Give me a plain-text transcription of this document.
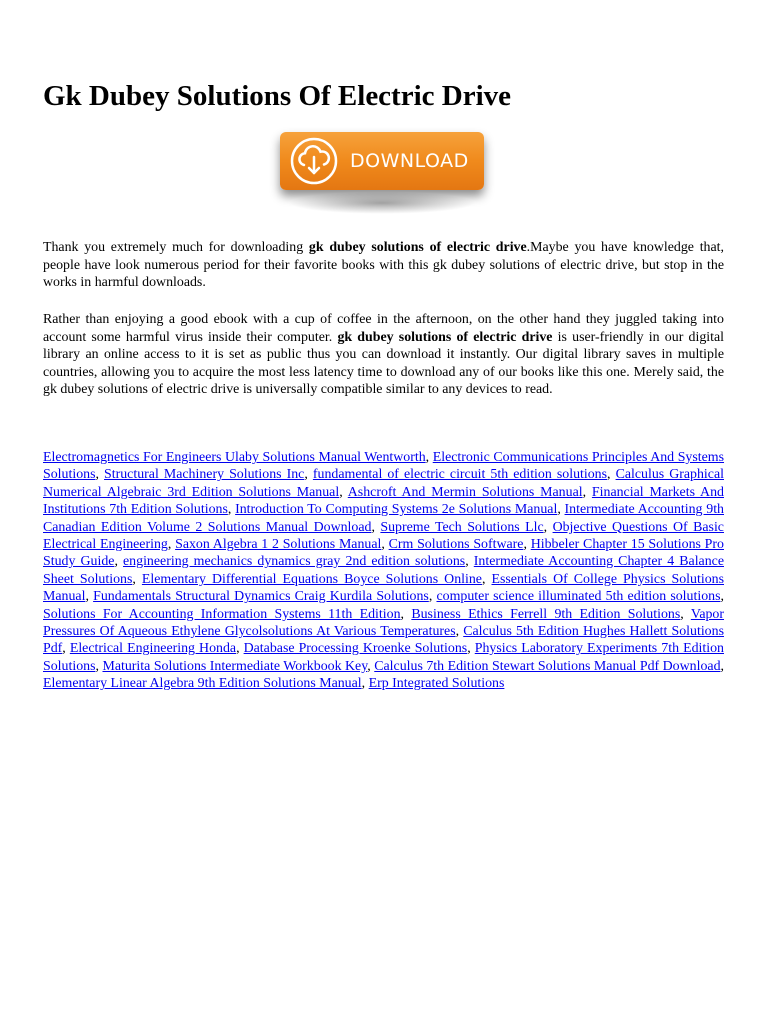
Gk Dubey Solutions Of Electric Drive
DOWNLOAD

Thank you extremely much for downloading gk dubey solutions of electric drive.Maybe you have knowledge that, people have look numerous period for their favorite books with this gk dubey solutions of electric drive, but stop in the works in harmful downloads.

Rather than enjoying a good ebook with a cup of coffee in the afternoon, on the other hand they juggled taking into account some harmful virus inside their computer. gk dubey solutions of electric drive is user-friendly in our digital library an online access to it is set as public thus you can download it instantly. Our digital library saves in multiple countries, allowing you to acquire the most less latency time to download any of our books like this one. Merely said, the gk dubey solutions of electric drive is universally compatible similar to any devices to read.

Electromagnetics For Engineers Ulaby Solutions Manual Wentworth, Electronic Communications Principles And Systems Solutions, Structural Machinery Solutions Inc, fundamental of electric circuit 5th edition solutions, Calculus Graphical Numerical Algebraic 3rd Edition Solutions Manual, Ashcroft And Mermin Solutions Manual, Financial Markets And Institutions 7th Edition Solutions, Introduction To Computing Systems 2e Solutions Manual, Intermediate Accounting 9th Canadian Edition Volume 2 Solutions Manual Download, Supreme Tech Solutions Llc, Objective Questions Of Basic Electrical Engineering, Saxon Algebra 1 2 Solutions Manual, Crm Solutions Software, Hibbeler Chapter 15 Solutions Pro Study Guide, engineering mechanics dynamics gray 2nd edition solutions, Intermediate Accounting Chapter 4 Balance Sheet Solutions, Elementary Differential Equations Boyce Solutions Online, Essentials Of College Physics Solutions Manual, Fundamentals Structural Dynamics Craig Kurdila Solutions, computer science illuminated 5th edition solutions, Solutions For Accounting Information Systems 11th Edition, Business Ethics Ferrell 9th Edition Solutions, Vapor Pressures Of Aqueous Ethylene Glycolsolutions At Various Temperatures, Calculus 5th Edition Hughes Hallett Solutions Pdf, Electrical Engineering Honda, Database Processing Kroenke Solutions, Physics Laboratory Experiments 7th Edition Solutions, Maturita Solutions Intermediate Workbook Key, Calculus 7th Edition Stewart Solutions Manual Pdf Download, Elementary Linear Algebra 9th Edition Solutions Manual, Erp Integrated Solutions
